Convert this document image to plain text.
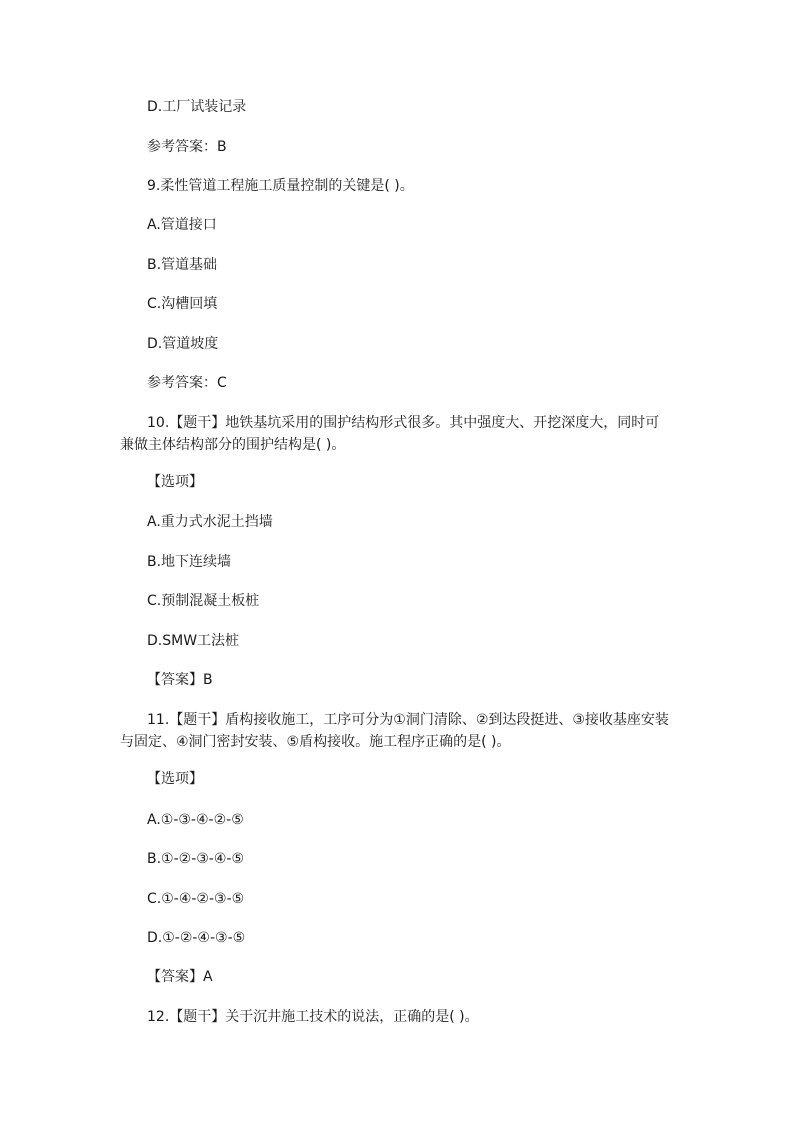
D.工厂试装记录
参考答案：B
9.柔性管道工程施工质量控制的关键是( )。
A.管道接口
B.管道基础
C.沟槽回填
D.管道坡度
参考答案：C
10.【题干】地铁基坑采用的围护结构形式很多。其中强度大、开挖深度大，同时可兼做主体结构部分的围护结构是( )。
【选项】
A.重力式水泥土挡墙
B.地下连续墙
C.预制混凝土板桩
D.SMW工法桩
【答案】B
11.【题干】盾构接收施工，工序可分为①洞门清除、②到达段挺进、③接收基座安装与固定、④洞门密封安装、⑤盾构接收。施工程序正确的是( )。
【选项】
A.①-③-④-②-⑤
B.①-②-③-④-⑤
C.①-④-②-③-⑤
D.①-②-④-③-⑤
【答案】A
12.【题干】关于沉井施工技术的说法，正确的是( )。
